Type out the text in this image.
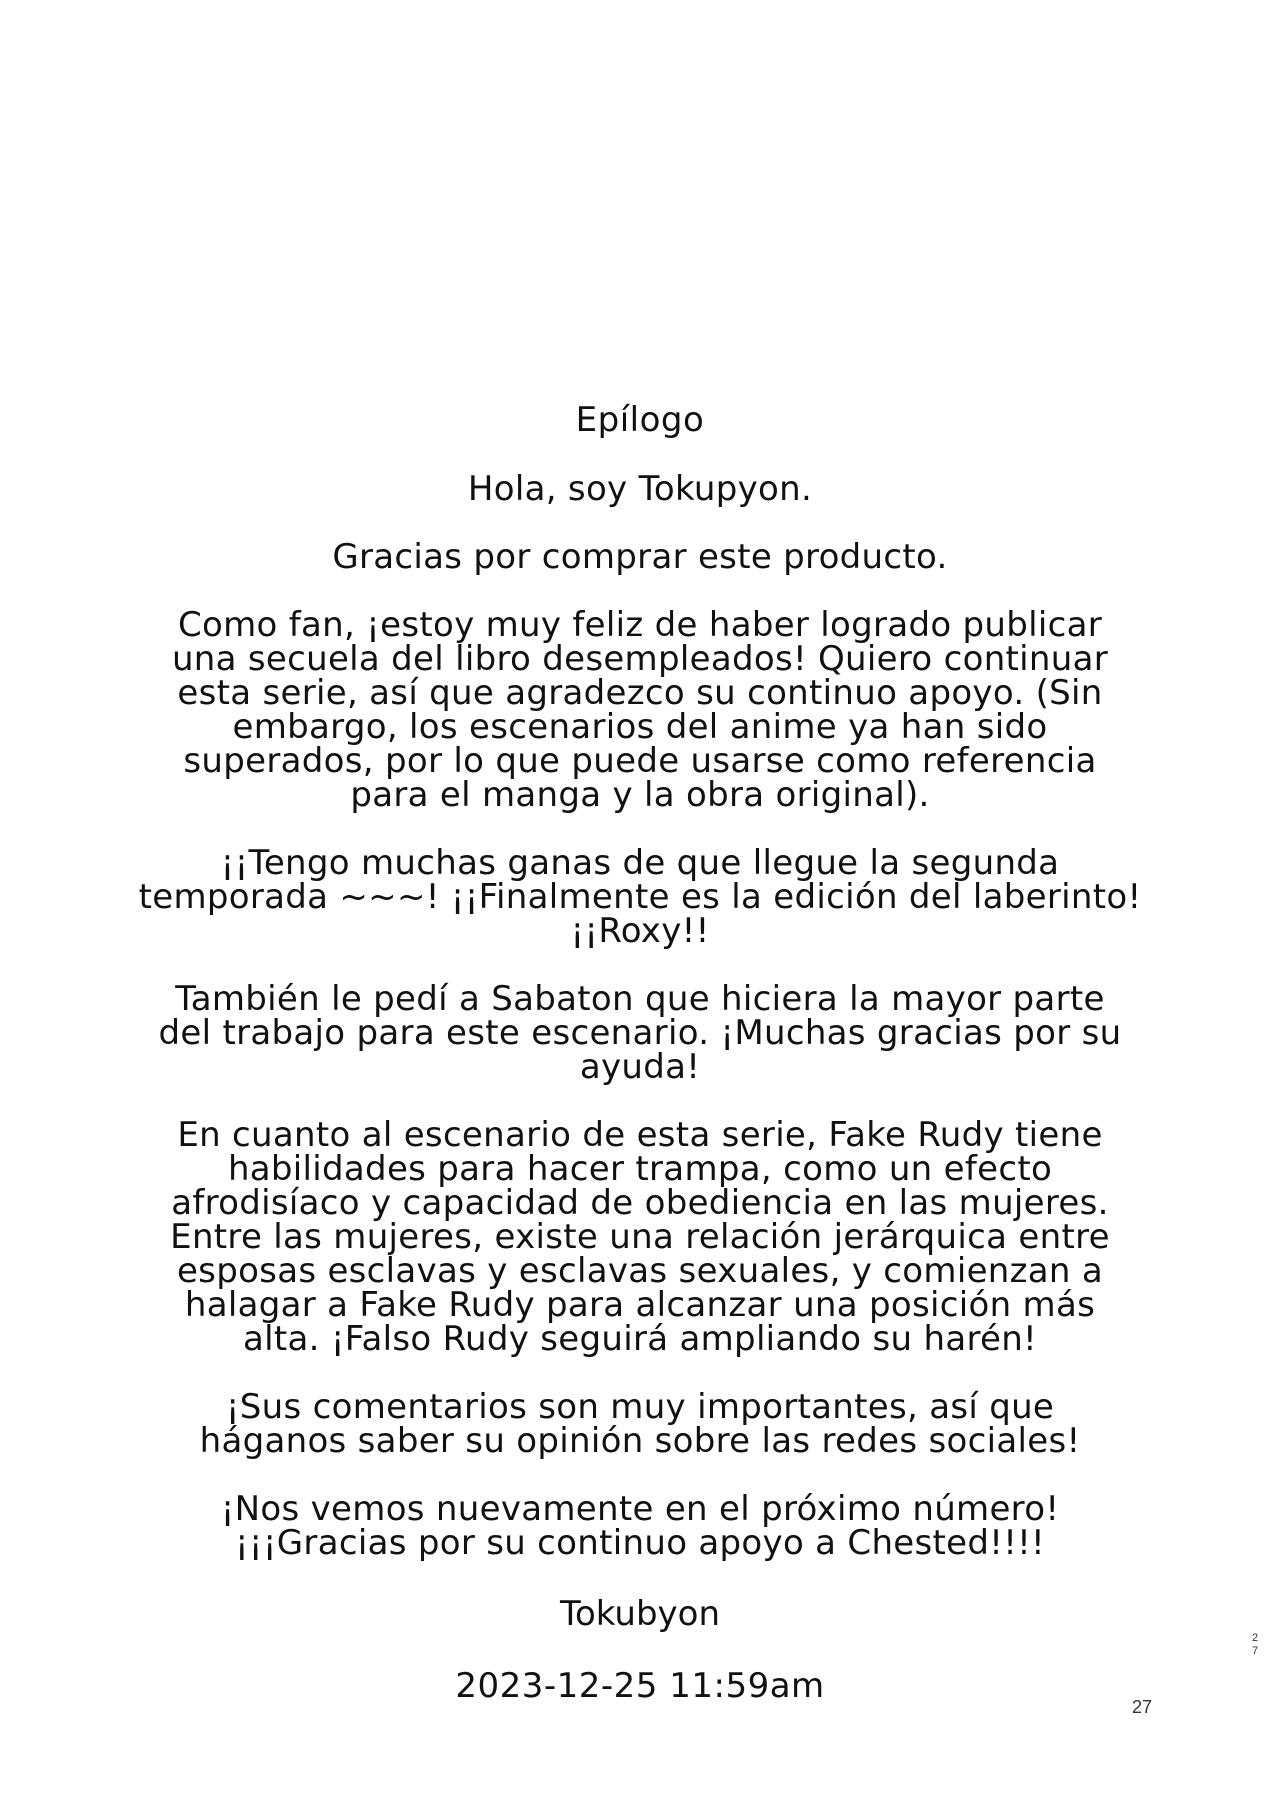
Epílogo
Hola, soy Tokupyon.
Gracias por comprar este producto.
Como fan, ¡estoy muy feliz de haber logrado publicar
una secuela del libro desempleados! Quiero continuar
esta serie, así que agradezco su continuo apoyo. (Sin
embargo, los escenarios del anime ya han sido
superados, por lo que puede usarse como referencia
para el manga y la obra original).
¡¡Tengo muchas ganas de que llegue la segunda
temporada ~~~! ¡¡Finalmente es la edición del laberinto!
¡¡Roxy!!
También le pedí a Sabaton que hiciera la mayor parte
del trabajo para este escenario. ¡Muchas gracias por su
ayuda!
En cuanto al escenario de esta serie, Fake Rudy tiene
habilidades para hacer trampa, como un efecto
afrodisíaco y capacidad de obediencia en las mujeres.
Entre las mujeres, existe una relación jerárquica entre
esposas esclavas y esclavas sexuales, y comienzan a
halagar a Fake Rudy para alcanzar una posición más
alta. ¡Falso Rudy seguirá ampliando su harén!
¡Sus comentarios son muy importantes, así que
háganos saber su opinión sobre las redes sociales!
¡Nos vemos nuevamente en el próximo número!
¡¡¡Gracias por su continuo apoyo a Chested!!!!
Tokubyon
2023-12-25 11:59am
2
7
27
